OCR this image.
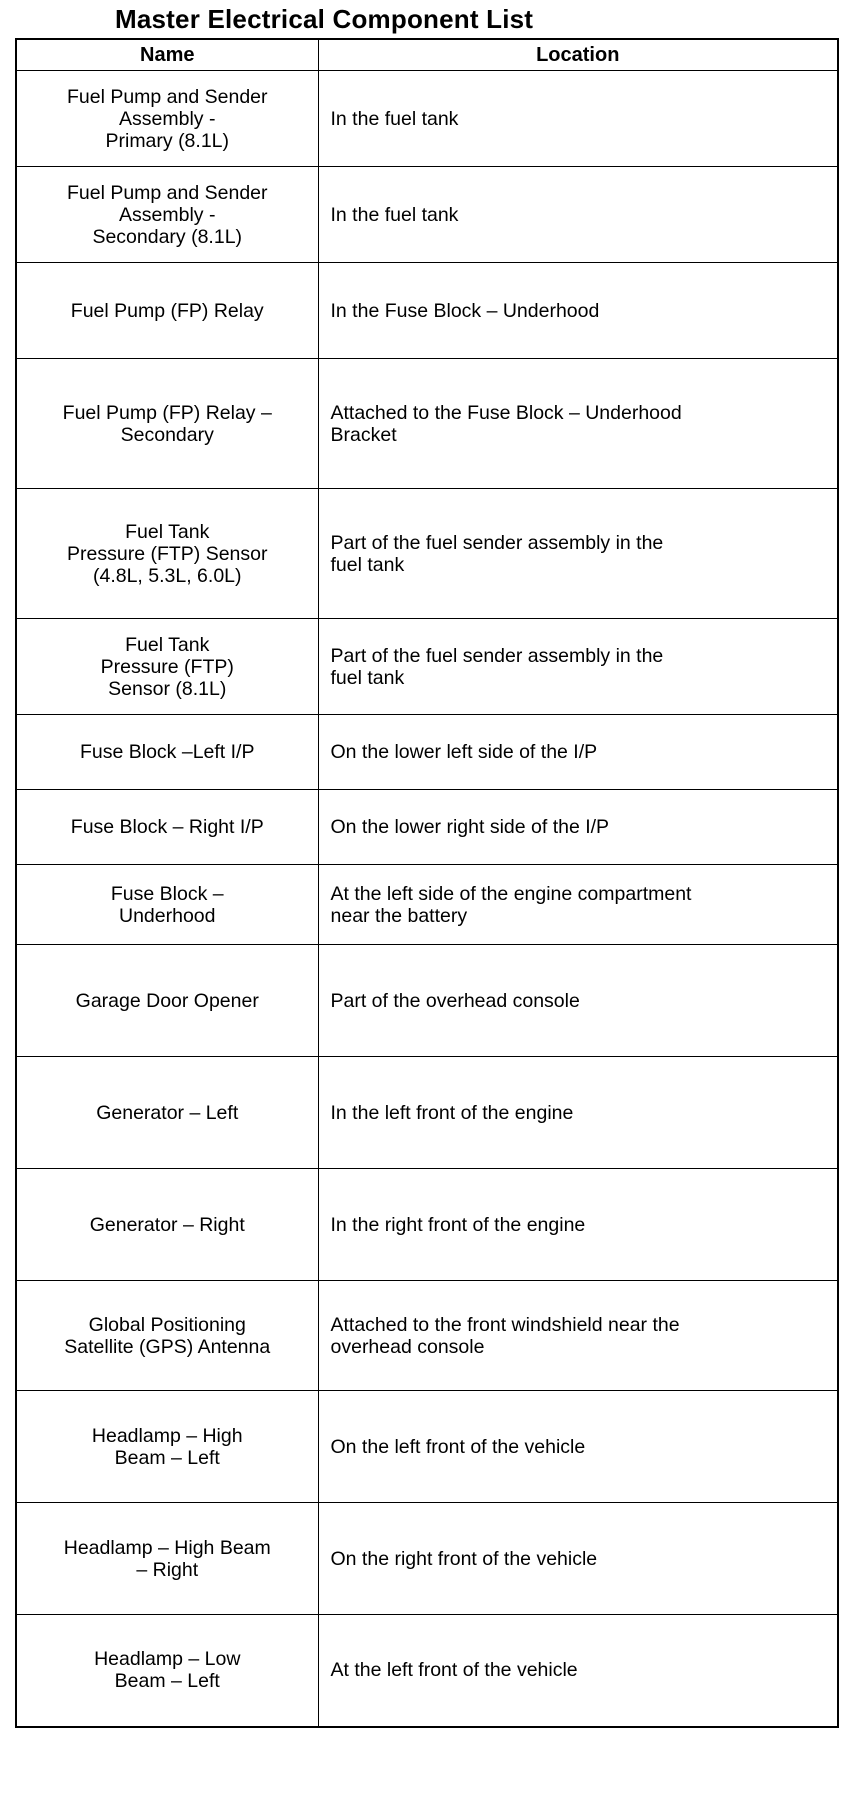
Master Electrical Component List
Name	Location
Fuel Pump and Sender
Assembly -
Primary (8.1L)	In the fuel tank
Fuel Pump and Sender
Assembly -
Secondary (8.1L)	In the fuel tank
Fuel Pump (FP) Relay	In the Fuse Block – Underhood
Fuel Pump (FP) Relay –
Secondary	Attached to the Fuse Block – Underhood
Bracket
Fuel Tank
Pressure (FTP) Sensor
(4.8L, 5.3L, 6.0L)	Part of the fuel sender assembly in the
fuel tank
Fuel Tank
Pressure (FTP)
Sensor (8.1L)	Part of the fuel sender assembly in the
fuel tank
Fuse Block –Left I/P	On the lower left side of the I/P
Fuse Block – Right I/P	On the lower right side of the I/P
Fuse Block –
Underhood	At the left side of the engine compartment
near the battery
Garage Door Opener	Part of the overhead console
Generator – Left	In the left front of the engine
Generator – Right	In the right front of the engine
Global Positioning
Satellite (GPS) Antenna	Attached to the front windshield near the
overhead console
Headlamp – High
Beam – Left	On the left front of the vehicle
Headlamp – High Beam
– Right	On the right front of the vehicle
Headlamp – Low
Beam – Left	At the left front of the vehicle
